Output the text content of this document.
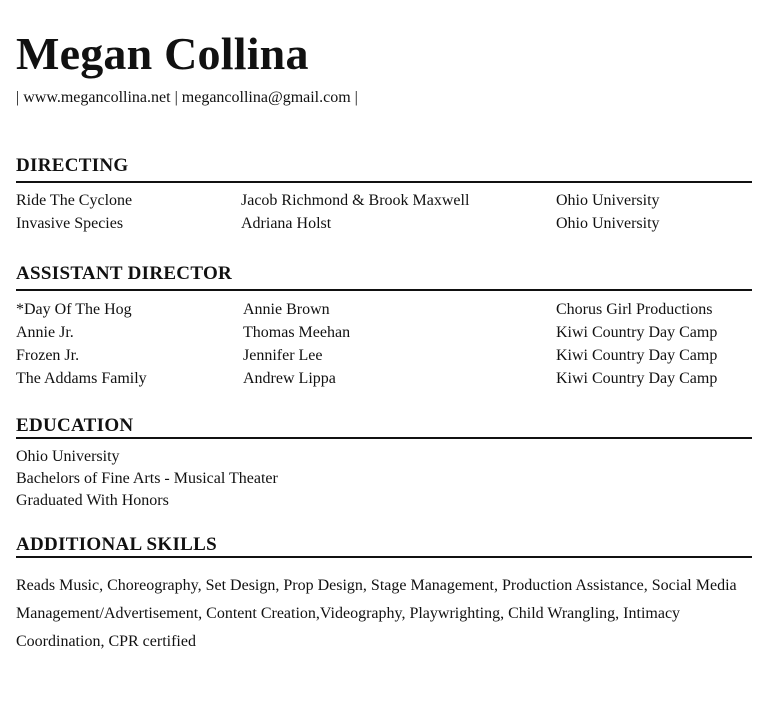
Megan Collina
| www.megancollina.net | megancollina@gmail.com |
DIRECTING
Ride The Cyclone	Jacob Richmond & Brook Maxwell	Ohio University
Invasive Species	Adriana Holst	Ohio University
ASSISTANT DIRECTOR
*Day Of The Hog	Annie Brown	Chorus Girl Productions
Annie Jr.	Thomas Meehan	Kiwi Country Day Camp
Frozen Jr.	Jennifer Lee	Kiwi Country Day Camp
The Addams Family	Andrew Lippa	Kiwi Country Day Camp
EDUCATION
Ohio University
Bachelors of Fine Arts - Musical Theater
Graduated With Honors
ADDITIONAL SKILLS
Reads Music, Choreography, Set Design, Prop Design, Stage Management, Production Assistance, Social Media Management/Advertisement, Content Creation,Videography, Playwrighting, Child Wrangling, Intimacy Coordination, CPR certified
